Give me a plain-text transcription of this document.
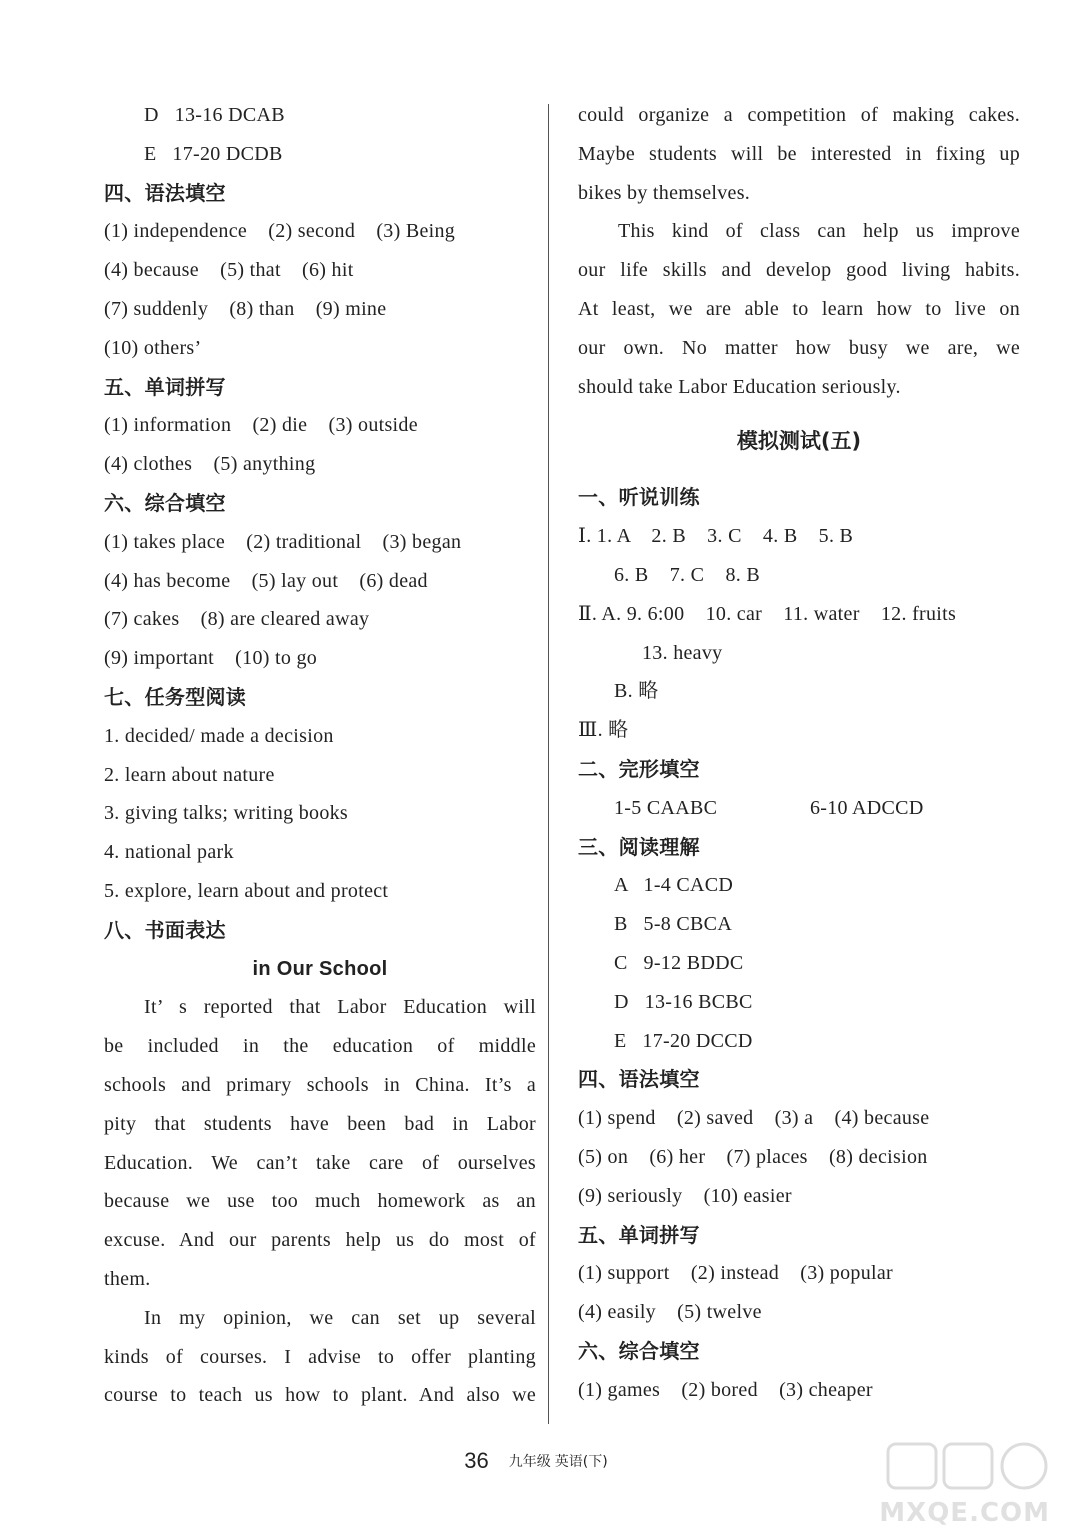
D   13-16 DCAB
E   17-20 DCDB
四、语法填空
(1) independence    (2) second    (3) Being
(4) because    (5) that    (6) hit
(7) suddenly    (8) than    (9) mine
(10) others’
五、单词拼写
(1) information    (2) die    (3) outside
(4) clothes    (5) anything
六、综合填空
(1) takes place    (2) traditional    (3) began
(4) has become    (5) lay out    (6) dead
(7) cakes    (8) are cleared away
(9) important    (10) to go
七、任务型阅读
1. decided/ made a decision
2. learn about nature
3. giving talks; writing books
4. national park
5. explore, learn about and protect
八、书面表达
in Our School

It’ s reported that Labor Education will

be included in the education of middle

schools and primary schools in China. It’s a

pity that students have been bad in Labor

Education. We can’t take care of ourselves

because we use too much homework as an

excuse. And our parents help us do most of

them.

In my opinion, we can set up several

kinds of courses. I advise to offer planting

course to teach us how to plant. And also we

could organize a competition of making cakes.

Maybe students will be interested in fixing up

bikes by themselves.

This kind of class can help us improve

our life skills and develop good living habits.

At least, we are able to learn how to live on

our own. No matter how busy we are, we

should take Labor Education seriously.

模拟测试(五)
一、听说训练
Ⅰ. 1. A    2. B    3. C    4. B    5. B
6. B    7. C    8. B
Ⅱ. A. 9. 6:00    10. car    11. water    12. fruits
13. heavy
B. 略
Ⅲ. 略
二、完形填空
1-5 CAABC	6-10 ADCCD
三、阅读理解
A   1-4 CACD
B   5-8 CBCA
C   9-12 BDDC
D   13-16 BCBC
E   17-20 DCCD
四、语法填空
(1) spend    (2) saved    (3) a    (4) because
(5) on    (6) her    (7) places    (8) decision
(9) seriously    (10) easier
五、单词拼写
(1) support    (2) instead    (3) popular
(4) easily    (5) twelve
六、综合填空
(1) games    (2) bored    (3) cheaper
36 九年级 英语(下)
MXQE.COM
